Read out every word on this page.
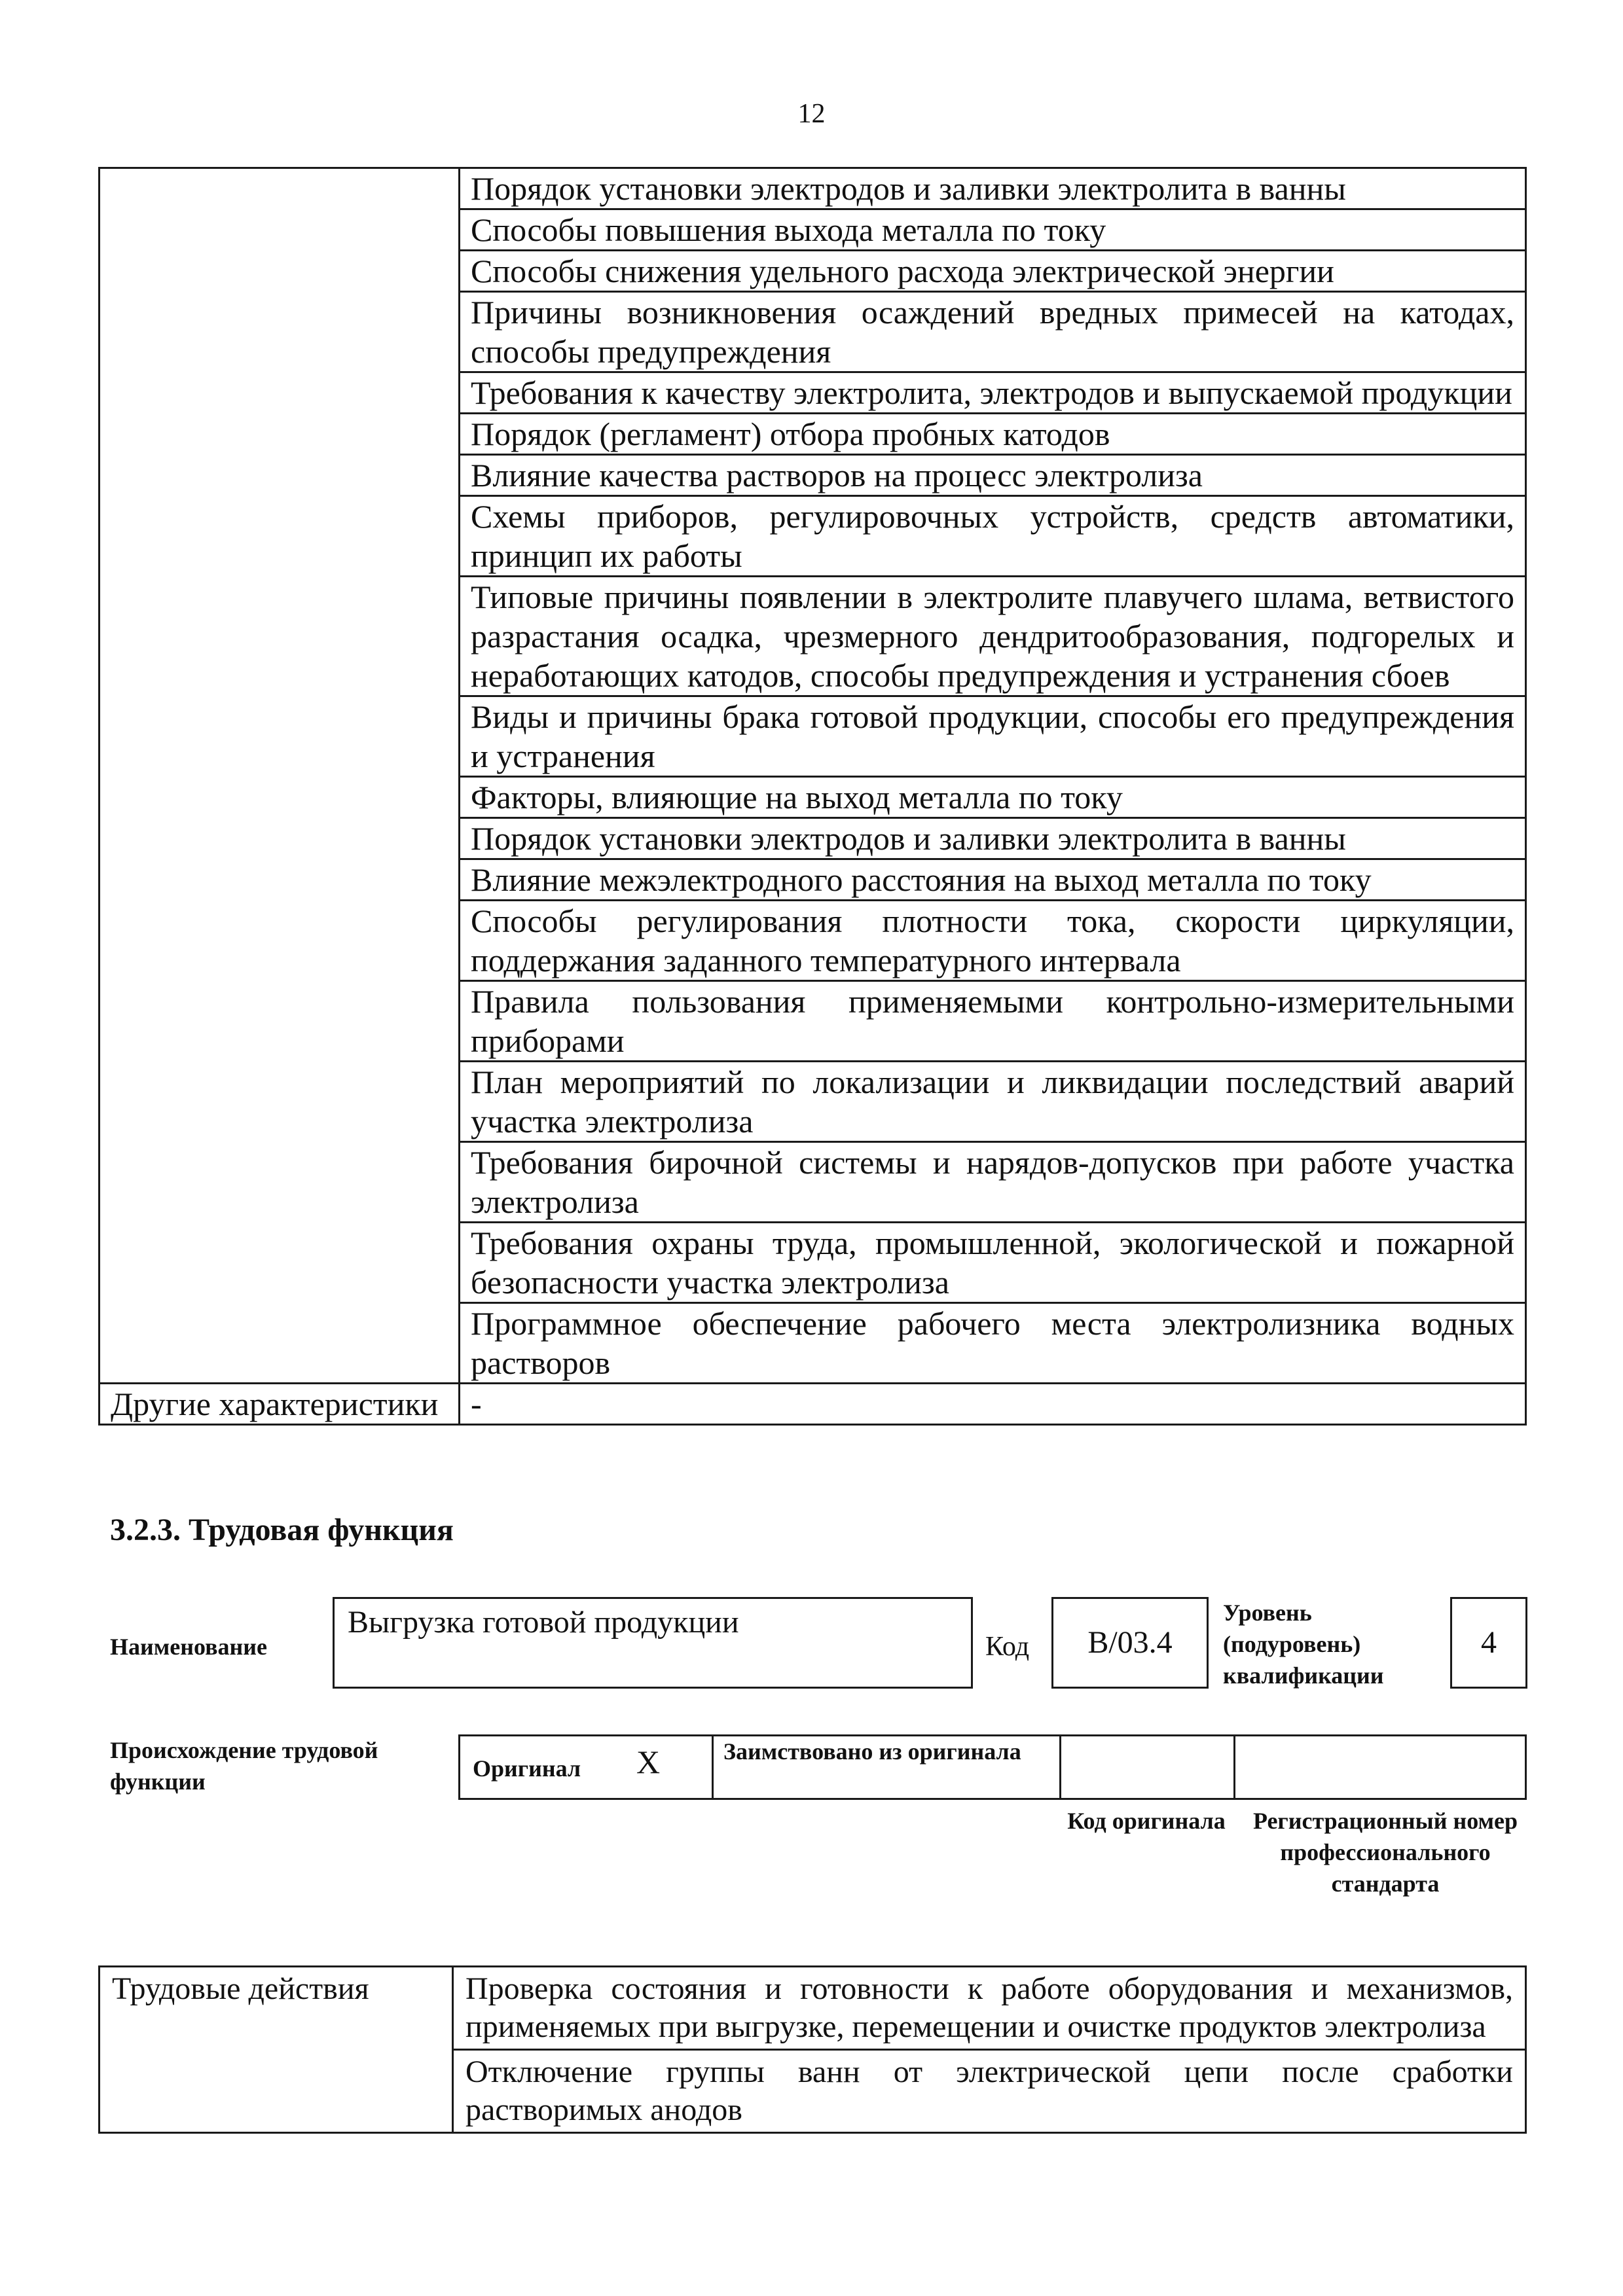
12
	Порядок установки электродов и заливки электролита в ванны
	Способы повышения выхода металла по току
	Способы снижения удельного расхода электрической энергии
	Причины возникновения осаждений вредных примесей на катодах, способы предупреждения
	Требования к качеству электролита, электродов и выпускаемой продукции
	Порядок (регламент) отбора пробных катодов
	Влияние качества растворов на процесс электролиза
	Схемы приборов, регулировочных устройств, средств автоматики, принцип их работы
	Типовые причины появлении в электролите плавучего шлама, ветвистого разрастания осадка, чрезмерного дендритообразования, подгорелых и неработающих катодов, способы предупреждения и устранения сбоев
	Виды и причины брака готовой продукции, способы его предупреждения и устранения
	Факторы, влияющие на выход металла по току
	Порядок установки электродов и заливки электролита в ванны
	Влияние межэлектродного расстояния на выход металла по току
	Способы регулирования плотности тока, скорости циркуляции, поддержания заданного температурного интервала
	Правила пользования применяемыми контрольно-измерительными приборами
	План мероприятий по локализации и ликвидации последствий аварий участка электролиза
	Требования бирочной системы и нарядов-допусков при работе участка электролиза
	Требования охраны труда, промышленной, экологической и пожарной безопасности участка электролиза
	Программное обеспечение рабочего места электролизника водных растворов
Другие характеристики	-
3.2.3. Трудовая функция
Наименование
Выгрузка готовой продукции
Код	B/03.4
Уровень (подуровень) квалификации
4
Происхождение трудовой функции	Оригинал X	Заимствовано из оригинала
Код оригинала	Регистрационный номер профессионального стандарта
Трудовые действия	Проверка состояния и готовности к работе оборудования и механизмов, применяемых при выгрузке, перемещении и очистке продуктов электролиза
Отключение группы ванн от электрической цепи после сработки растворимых анодов
